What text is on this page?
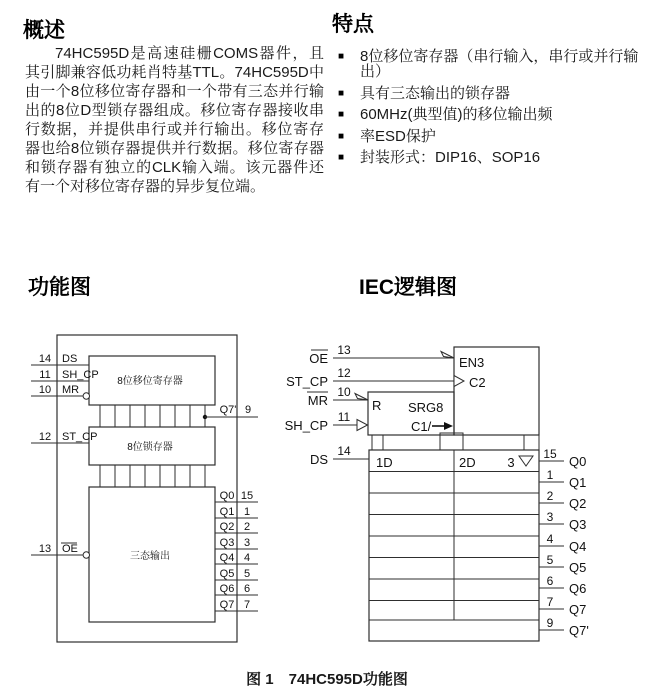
概述
74HC595D是高速硅栅COMS器件，且其引脚兼容低功耗肖特基TTL。74HC595D中由一个8位移位寄存器和一个带有三态并行输出的8位D型锁存器组成。移位寄存器接收串行数据，并提供串行或并行输出。移位寄存器也给8位锁存器提供并行数据。移位寄存器和锁存器有独立的CLK输入端。该元器件还有一个对移位寄存器的异步复位端。
特点
■	8位移位寄存器（串行输入，串行或并行输出）
■	具有三态输出的锁存器
■	60MHz(典型值)的移位输出频
■	率ESD保护
■	封装形式：DIP16、SOP16
功能图	IEC逻辑图
8位移位寄存器
8位锁存器
三态输出
14 DS
11 SH_CP
10 MR
12 ST_CP
13 OE
Q7' 9
Q0 15
Q1 1
Q2 2
Q3 3
Q4 4
Q5 5
Q6 6
Q7 7
EN3
C2
R SRG8
C1/
1D	2D 3
13
OE
12
ST_CP
10
MR
11
SH_CP
14
DS	15 Q0
1 Q1
2 Q2
3 Q3
4 Q4
5 Q5
6 Q6
7 Q7
9 Q7'
图 1　74HC595D功能图
